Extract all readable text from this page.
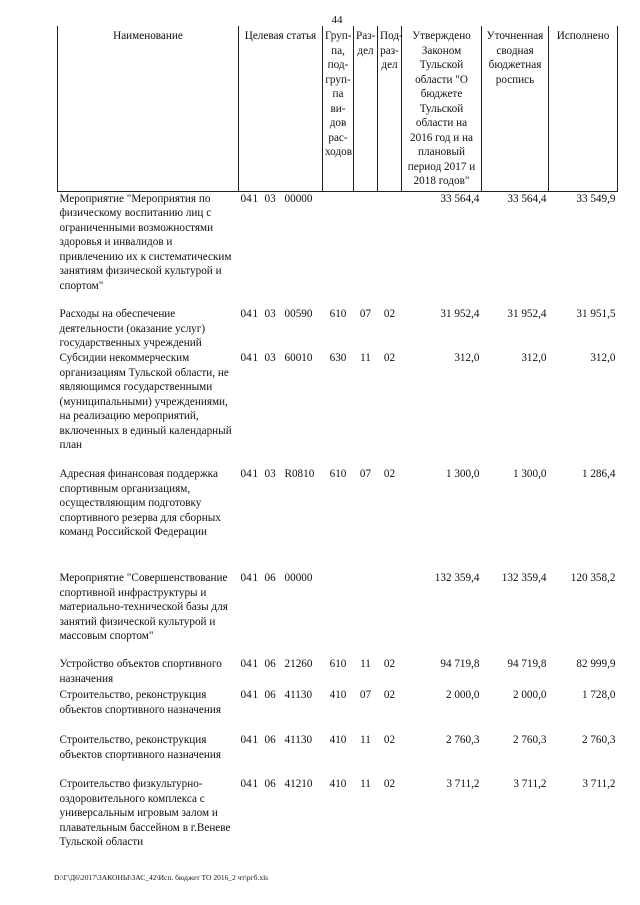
44
Наименование	Целевая статья	Груп-па, под-груп-па ви-дов рас-ходов	Раз-дел	Под-раз-дел	Утверждено Законом Тульской области "О бюджете Тульской области на 2016 год и на плановый период 2017 и 2018 годов"	Уточненная сводная бюджетная роспись	Исполнено
Мероприятие "Мероприятия по физическому воспитанию лиц с ограниченными возможностями здоровья и инвалидов и привлечению их к систематическим занятиям физической культурой и спортом"	041 03 00000				33 564,4	33 564,4	33 549,9
Расходы на обеспечение деятельности (оказание услуг) государственных учреждений	041 03 00590	610	07	02	31 952,4	31 952,4	31 951,5
Субсидии некоммерческим организациям Тульской области, не являющимся государственными (муниципальными) учреждениями, на реализацию мероприятий, включенных в единый календарный план	041 03 60010	630	11	02	312,0	312,0	312,0
Адресная финансовая поддержка спортивным организациям, осуществляющим подготовку спортивного резерва для сборных команд Российской Федерации	041 03 R0810	610	07	02	1 300,0	1 300,0	1 286,4
Мероприятие "Совершенствование спортивной инфраструктуры и материально-технической базы для занятий физической культурой и массовым спортом"	041 06 00000				132 359,4	132 359,4	120 358,2
Устройство объектов спортивного назначения	041 06 21260	610	11	02	94 719,8	94 719,8	82 999,9
Строительство, реконструкция объектов спортивного назначения	041 06 41130	410	07	02	2 000,0	2 000,0	1 728,0
Строительство, реконструкция объектов спортивного назначения	041 06 41130	410	11	02	2 760,3	2 760,3	2 760,3
Строительство физкультурно-оздоровительного комплекса с универсальным игровым залом и плавательным бассейном в г.Веневе Тульской области	041 06 41210	410	11	02	3 711,2	3 711,2	3 711,2
D:\Г\Д6\2017\ЗАКОНЫ\ЗАС_42\Исп. бюджет ТО 2016_2 чт\ргб.xls
